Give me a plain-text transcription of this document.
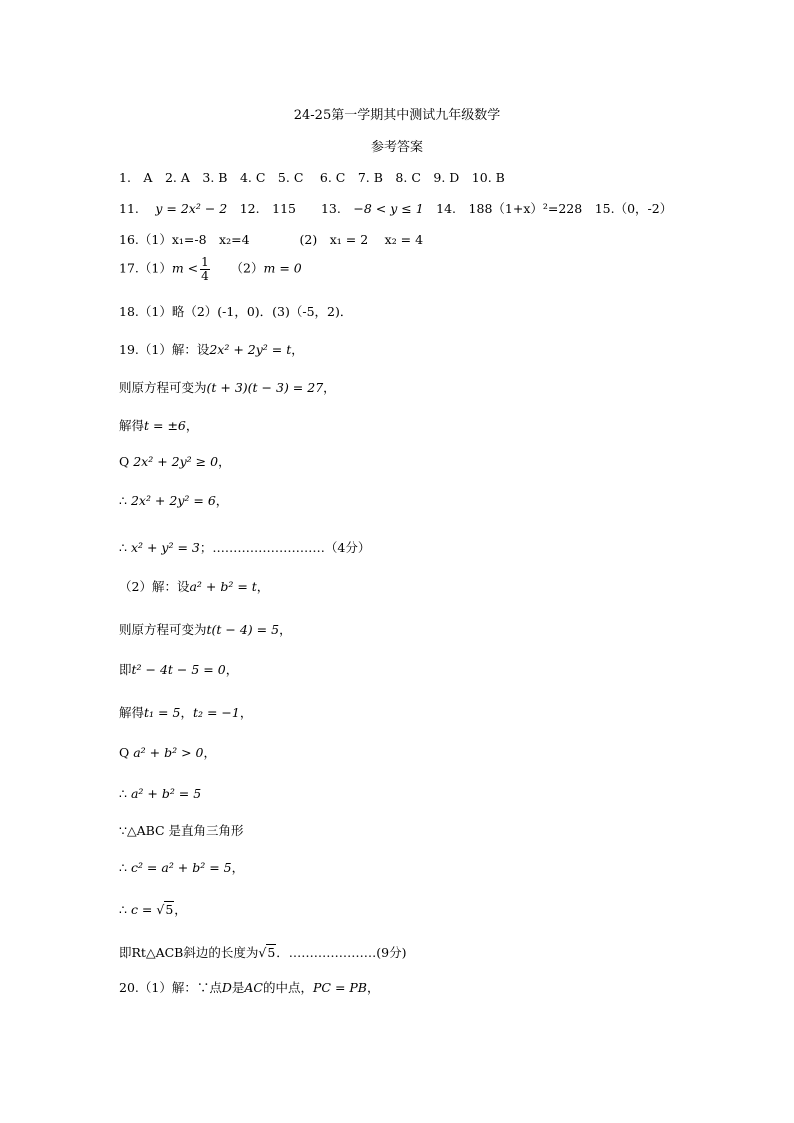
24-25第一学期其中测试九年级数学
参考答案
1.　A　2. A　3. B　4. C　5. C　 6. C　7. B　8. C　9. D　10. B
11.　 y = 2x² − 2　12.　115　　13.　−8 < y ≤ 1　14.　188（1+x）²=228　15.（0，-2）
16.（1）x₁=-8　x₂=4　　　　(2)　x₁ = 2　 x₂ = 4
$17.(1)m < \frac{1}{4}$ 　　（2）m = 0
18.（1）略（2）(-1，0)．(3)（-5，2)．
19.（1）解：设2x² + 2y² = t，
则原方程可变为(t + 3)(t − 3) = 27，
解得t = ±6，
Q 2x² + 2y² ≥ 0，
∴ 2x² + 2y² = 6，
∴ x² + y² = 3；………………………（4分）
（2）解：设a² + b² = t，
则原方程可变为t(t − 4) = 5，
即t² − 4t − 5 = 0，
解得t₁ = 5，t₂ = −1，
Q a² + b² > 0，
∴ a² + b² = 5
∵△ABC 是直角三角形
∴ c² = a² + b² = 5，
∴ c = √5，
即Rt△ACB斜边的长度为√5．…………………(9分)
20.（1）解：∵点D是AC的中点，PC = PB，
